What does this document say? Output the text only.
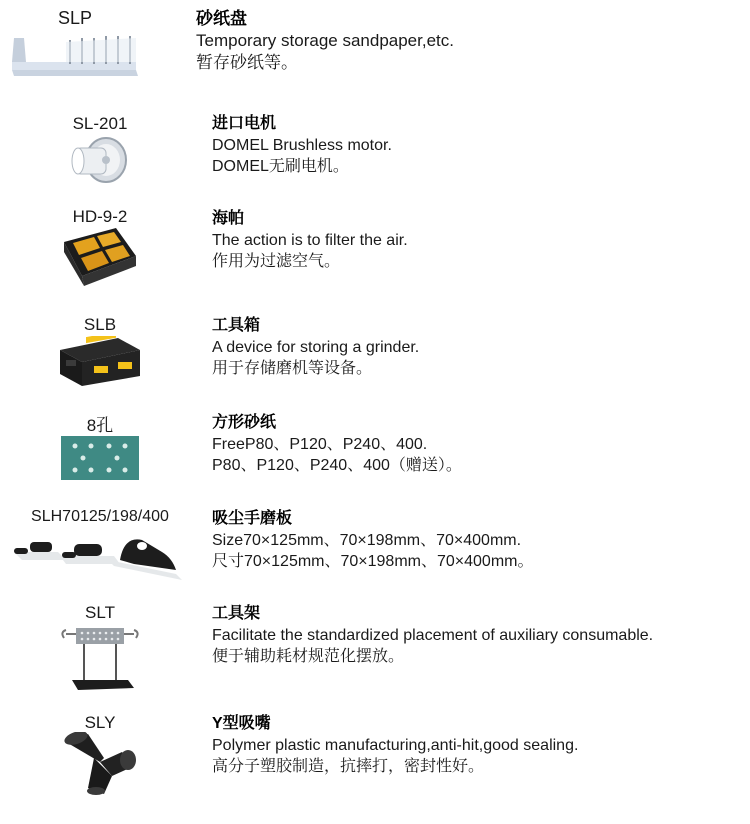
SLP	砂纸盘
Temporary storage sandpaper,etc.
暂存砂纸等。
SL-201	进口电机
DOMEL Brushless motor.
DOMEL无刷电机。
HD-9-2	海帕
The action is to filter the air.
作用为过滤空气。
SLB	工具箱
A device for storing a grinder.
用于存储磨机等设备。
8孔	方形砂纸
FreeP80、P120、P240、400.
P80、P120、P240、400（赠送）。
SLH70125/198/400	吸尘手磨板
Size70×125mm、70×198mm、70×400mm.
尺寸70×125mm、70×198mm、70×400mm。
SLT	工具架
Facilitate the standardized placement of auxiliary consumable.
便于辅助耗材规范化摆放。
SLY	Y型吸嘴
Polymer plastic manufacturing,anti-hit,good sealing.
高分子塑胶制造，抗摔打，密封性好。
